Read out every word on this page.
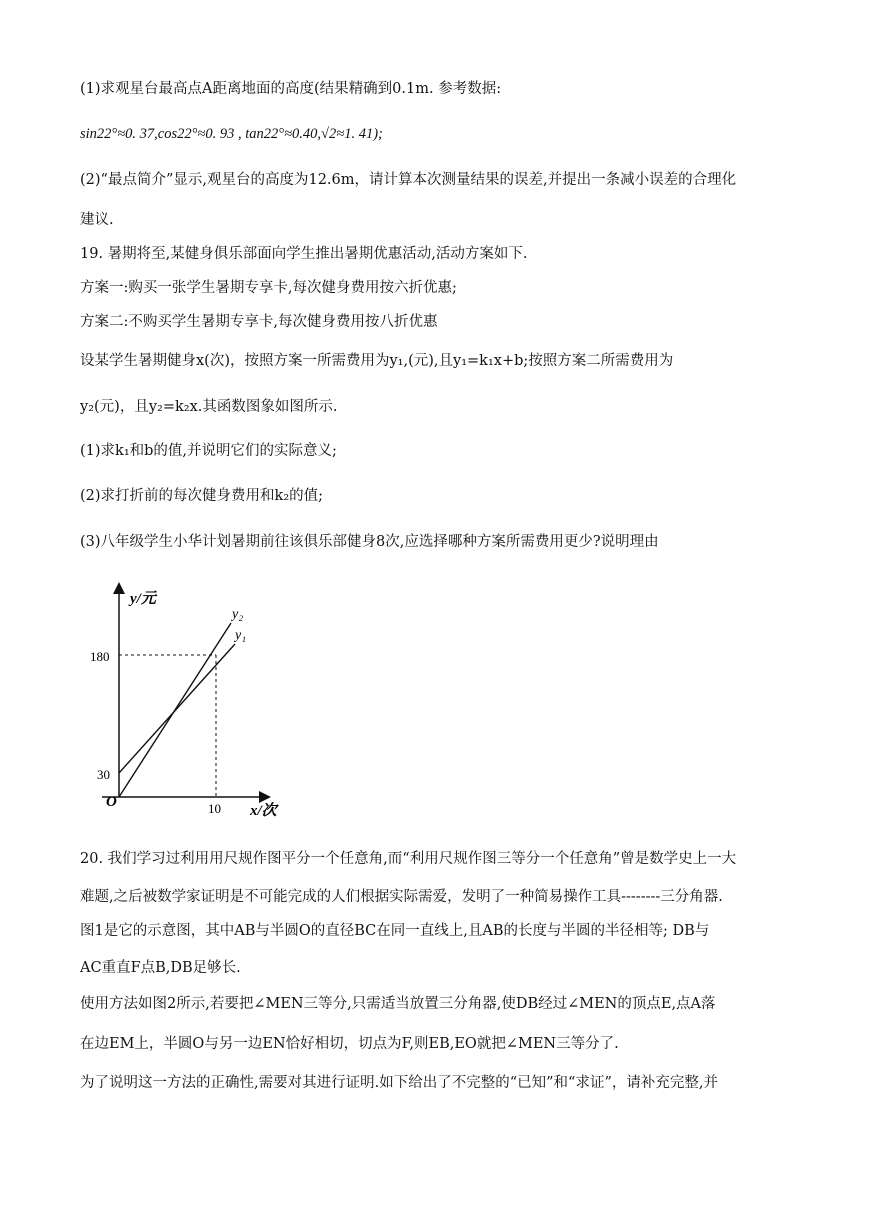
(1)求观星台最高点A距离地面的高度(结果精确到0.1m. 参考数据:
sin22°≈0. 37,cos22°≈0. 93 , tan22°≈0.40,√2≈1. 41);
(2)“最点简介”显示,观星台的高度为12.6m，请计算本次测量结果的误差,并提出一条减小误差的合理化
建议.
19. 暑期将至,某健身俱乐部面向学生推出暑期优惠活动,活动方案如下.
方案一:购买一张学生暑期专享卡,每次健身费用按六折优惠;
方案二:不购买学生暑期专享卡,每次健身费用按八折优惠
设某学生暑期健身x(次)，按照方案一所需费用为y₁,(元),且y₁=k₁x+b;按照方案二所需费用为
y₂(元)，且y₂=k₂x.其函数图象如图所示.
(1)求k₁和b的值,并说明它们的实际意义;
(2)求打折前的每次健身费用和k₂的值;
(3)八年级学生小华计划暑期前往该俱乐部健身8次,应选择哪种方案所需费用更少?说明理由
y/元
x/次
O
180
30
10
y₂
y₁
20. 我们学习过利用用尺规作图平分一个任意角,而“利用尺规作图三等分一个任意角”曾是数学史上一大
难题,之后被数学家证明是不可能完成的人们根据实际需爱，发明了一种简易操作工具--------三分角器.
图1是它的示意图，其中AB与半圆O的直径BC在同一直线上,且AB的长度与半圆的半径相等; DB与
AC重直F点B,DB足够长.
使用方法如图2所示,若要把∠MEN三等分,只需适当放置三分角器,使DB经过∠MEN的顶点E,点A落
在边EM上，半圆O与另一边EN恰好相切，切点为F,则EB,EO就把∠MEN三等分了.
为了说明这一方法的正确性,需要对其进行证明.如下给出了不完整的“已知”和“求证”，请补充完整,并
